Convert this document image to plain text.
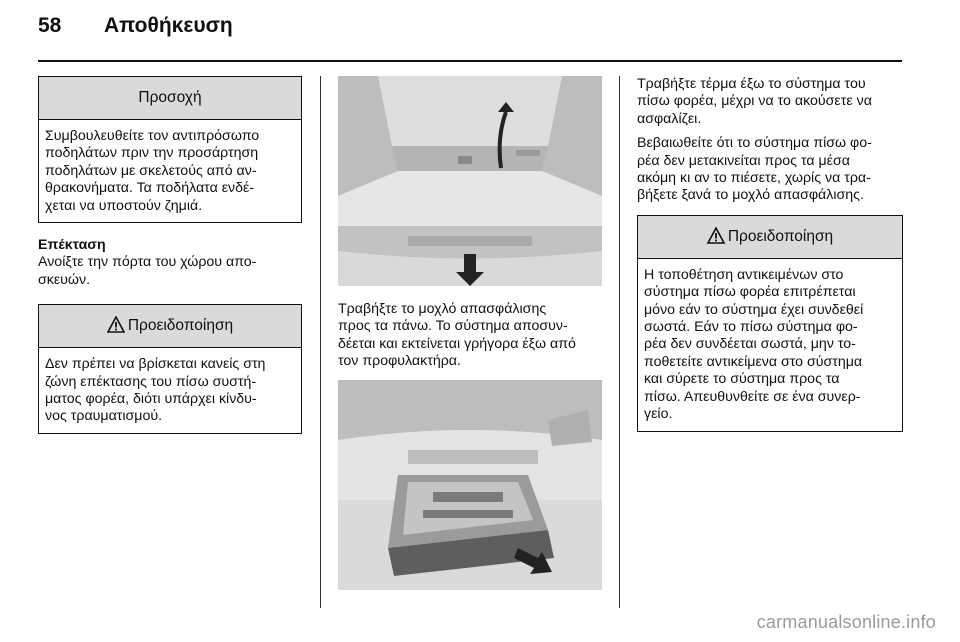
58 Αποθήκευση
Προσοχή

Συμβουλευθείτε τον αντιπρόσωπο

ποδηλάτων πριν την προσάρτηση

ποδηλάτων με σκελετούς από αν-

θρακονήματα. Τα ποδήλατα ενδέ-

χεται να υποστούν ζημιά.

Επέκταση

Ανοίξτε την πόρτα του χώρου απο-

σκευών.

Προειδοποίηση

Δεν πρέπει να βρίσκεται κανείς στη

ζώνη επέκτασης του πίσω συστή-

ματος φορέα, διότι υπάρχει κίνδυ-

νος τραυματισμού.

Τραβήξτε το μοχλό απασφάλισης

προς τα πάνω. Το σύστημα αποσυν-

δέεται και εκτείνεται γρήγορα έξω από

τον προφυλακτήρα.

Τραβήξτε τέρμα έξω το σύστημα του

πίσω φορέα, μέχρι να το ακούσετε να

ασφαλίζει.

Βεβαιωθείτε ότι το σύστημα πίσω φο-

ρέα δεν μετακινείται προς τα μέσα

ακόμη κι αν το πιέσετε, χωρίς να τρα-

βήξετε ξανά το μοχλό απασφάλισης.

Προειδοποίηση

Η τοποθέτηση αντικειμένων στο

σύστημα πίσω φορέα επιτρέπεται

μόνο εάν το σύστημα έχει συνδεθεί

σωστά. Εάν το πίσω σύστημα φο-

ρέα δεν συνδέεται σωστά, μην το-

ποθετείτε αντικείμενα στο σύστημα

και σύρετε το σύστημα προς τα

πίσω. Απευθυνθείτε σε ένα συνερ-

γείο.

carmanualsonline.info
